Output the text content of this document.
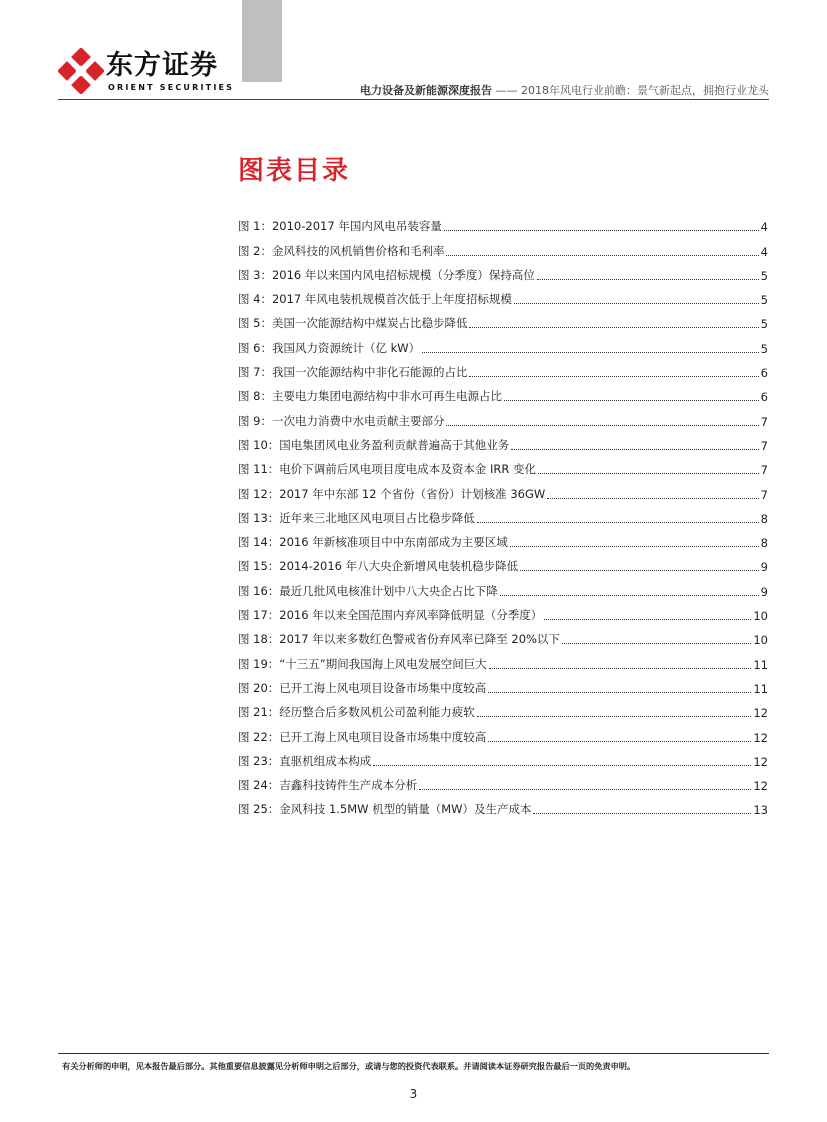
东方证券
ORIENT SECURITIES	电力设备及新能源深度报告 —— 2018年风电行业前瞻：景气新起点，拥抱行业龙头
图表目录
图 1： 2010-2017 年国内风电吊装容量	4
图 2： 金风科技的风机销售价格和毛利率	4
图 3： 2016 年以来国内风电招标规模（分季度）保持高位	5
图 4： 2017 年风电装机规模首次低于上年度招标规模	5
图 5： 美国一次能源结构中煤炭占比稳步降低	5
图 6： 我国风力资源统计（亿 kW）	5
图 7： 我国一次能源结构中非化石能源的占比	6
图 8： 主要电力集团电源结构中非水可再生电源占比	6
图 9： 一次电力消费中水电贡献主要部分	7
图 10： 国电集团风电业务盈利贡献普遍高于其他业务	7
图 11： 电价下调前后风电项目度电成本及资本金 IRR 变化	7
图 12： 2017 年中东部 12 个省份（省份）计划核准 36GW	7
图 13： 近年来三北地区风电项目占比稳步降低	8
图 14： 2016 年新核准项目中中东南部成为主要区域	8
图 15： 2014-2016 年八大央企新增风电装机稳步降低	9
图 16： 最近几批风电核准计划中八大央企占比下降	9
图 17： 2016 年以来全国范围内弃风率降低明显（分季度）	10
图 18： 2017 年以来多数红色警戒省份弃风率已降至 20%以下	10
图 19： “十三五”期间我国海上风电发展空间巨大	11
图 20： 已开工海上风电项目设备市场集中度较高	11
图 21： 经历整合后多数风机公司盈利能力疲软	12
图 22： 已开工海上风电项目设备市场集中度较高	12
图 23： 直驱机组成本构成	12
图 24： 吉鑫科技铸件生产成本分析	12
图 25： 金风科技 1.5MW 机型的销量（MW）及生产成本	13
有关分析师的申明，见本报告最后部分。其他重要信息披露见分析师申明之后部分，或请与您的投资代表联系。并请阅读本证券研究报告最后一页的免责申明。
3
